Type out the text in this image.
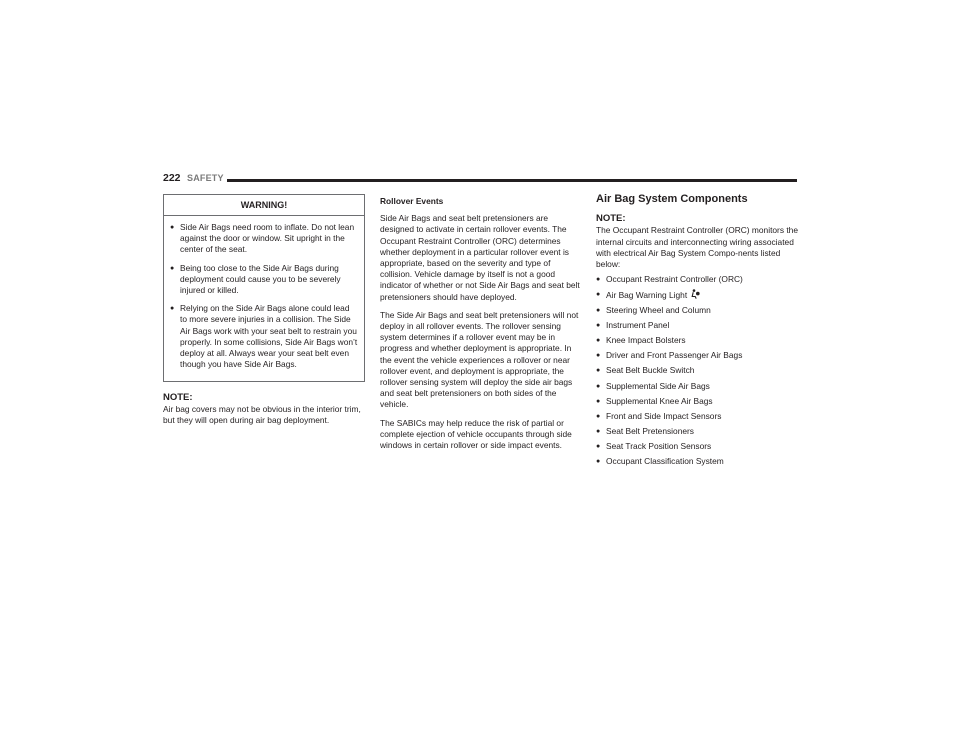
222 SAFETY
WARNING!
● Side Air Bags need room to inflate. Do not lean against the door or window. Sit upright in the center of the seat.
● Being too close to the Side Air Bags during deployment could cause you to be severely injured or killed.
● Relying on the Side Air Bags alone could lead to more severe injuries in a collision. The Side Air Bags work with your seat belt to restrain you properly. In some collisions, Side Air Bags won’t deploy at all. Always wear your seat belt even though you have Side Air Bags.
NOTE:
Air bag covers may not be obvious in the interior trim, but they will open during air bag deployment.
Rollover Events

Side Air Bags and seat belt pretensioners are designed to activate in certain rollover events. The Occupant Restraint Controller (ORC) determines whether deployment in a particular rollover event is appropriate, based on the severity and type of collision. Vehicle damage by itself is not a good indicator of whether or not Side Air Bags and seat belt pretensioners should have deployed.

The Side Air Bags and seat belt pretensioners will not deploy in all rollover events. The rollover sensing system determines if a rollover event may be in progress and whether deployment is appropriate. In the event the vehicle experiences a rollover or near rollover event, and deployment is appropriate, the rollover sensing system will deploy the side air bags and seat belt pretensioners on both sides of the vehicle.

The SABICs may help reduce the risk of partial or complete ejection of vehicle occupants through side windows in certain rollover or side impact events.

Air Bag System Components
NOTE:
The Occupant Restraint Controller (ORC) monitors the internal circuits and interconnecting wiring associated with electrical Air Bag System Compo-nents listed below:
● Occupant Restraint Controller (ORC)
● Air Bag Warning Light
● Steering Wheel and Column
● Instrument Panel
● Knee Impact Bolsters
● Driver and Front Passenger Air Bags
● Seat Belt Buckle Switch
● Supplemental Side Air Bags
● Supplemental Knee Air Bags
● Front and Side Impact Sensors
● Seat Belt Pretensioners
● Seat Track Position Sensors
● Occupant Classification System
